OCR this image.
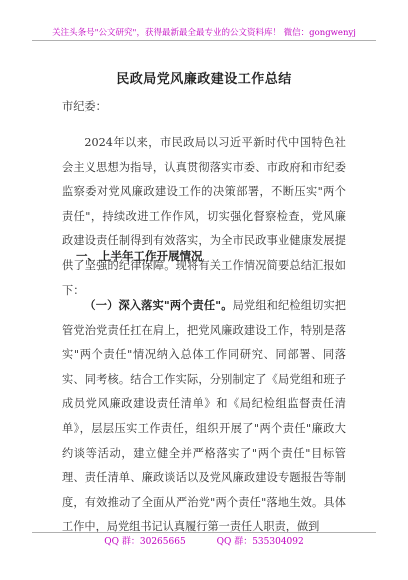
关注头条号"公文研究"，获得最新最全最专业的公文资料库！ 微信：gongwenyj
民政局党风廉政建设工作总结
市纪委：
2024年以来，市民政局以习近平新时代中国特色社会主义思想为指导，认真贯彻落实市委、市政府和市纪委监察委对党风廉政建设工作的决策部署，不断压实"两个责任"，持续改进工作作风，切实强化督察检查，党风廉政建设责任制得到有效落实，为全市民政事业健康发展提供了坚强的纪律保障。现将有关工作情况简要总结汇报如下：
一、上半年工作开展情况
（一）深入落实"两个责任"。局党组和纪检组切实把管党治党责任扛在肩上，把党风廉政建设工作，特别是落实"两个责任"情况纳入总体工作同研究、同部署、同落实、同考核。结合工作实际，分别制定了《局党组和班子成员党风廉政建设责任清单》和《局纪检组监督责任清单》，层层压实工作责任，组织开展了"两个责任"廉政大约谈等活动，建立健全并严格落实了"两个责任"目标管理、责任清单、廉政谈话以及党风廉政建设专题报告等制度，有效推动了全面从严治党"两个责任"落地生效。具体工作中，局党组书记认真履行第一责任人职责，做到
QQ 群：30265665	QQ 群：535304092
